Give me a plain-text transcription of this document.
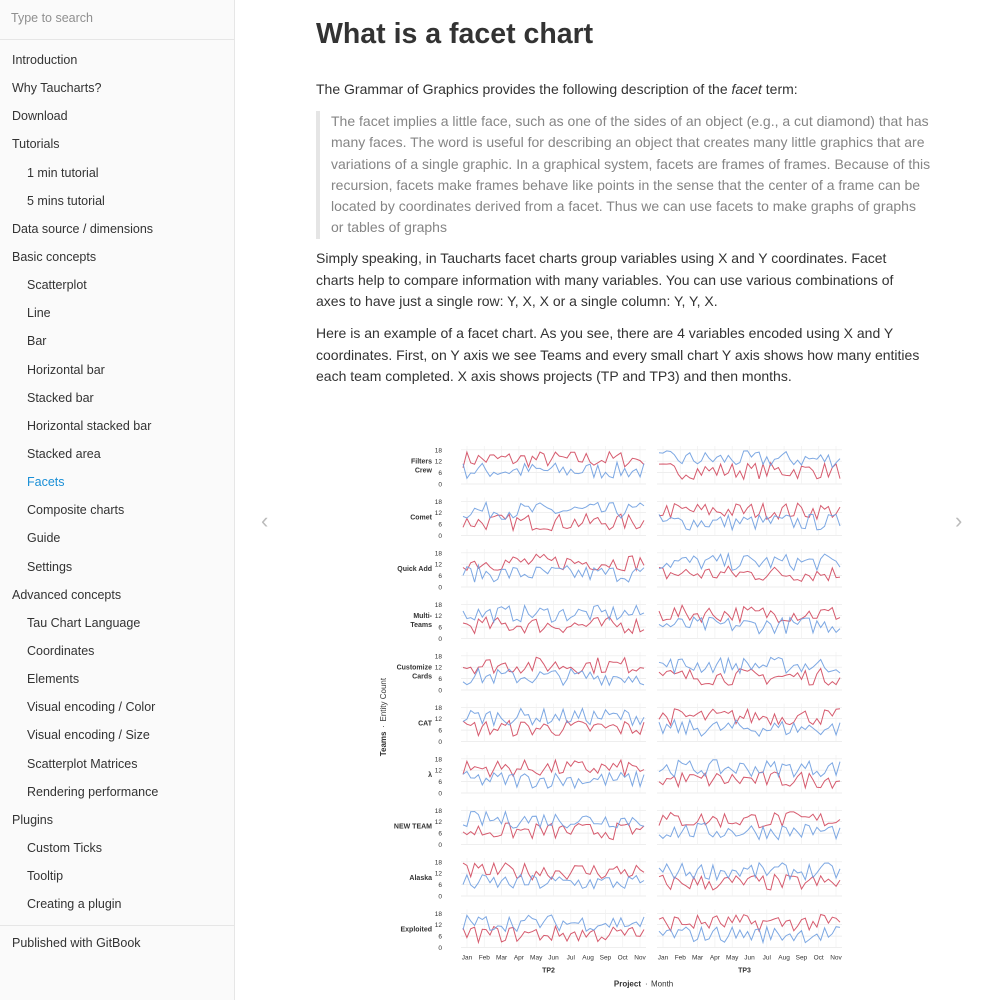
Type to search
Introduction
Why Taucharts?
Download
Tutorials
1 min tutorial
5 mins tutorial
Data source / dimensions
Basic concepts
Scatterplot
Line
Bar
Horizontal bar
Stacked bar
Horizontal stacked bar
Stacked area
Facets
Composite charts
Guide
Settings
Advanced concepts
Tau Chart Language
Coordinates
Elements
Visual encoding / Color
Visual encoding / Size
Scatterplot Matrices
Rendering performance
Plugins
Custom Ticks
Tooltip
Creating a plugin
Published with GitBook
What is a facet chart

The Grammar of Graphics provides the following description of the facet term:

The facet implies a little face, such as one of the sides of an object (e.g., a cut diamond) that has many faces. The word is useful for describing an object that creates many little graphics that are variations of a single graphic. In a graphical system, facets are frames of frames. Because of this recursion, facets make frames behave like points in the sense that the center of a frame can be located by coordinates derived from a facet. Thus we can use facets to make graphs of graphs or tables of graphs

Simply speaking, in Taucharts facet charts group variables using X and Y coordinates. Facet charts help to compare information with many variables. You can use various combinations of axes to have just a single row: Y, X, X or a single column: Y, Y, X.

Here is an example of a facet chart. As you see, there are 4 variables encoded using X and Y coordinates. First, on Y axis we see Teams and every small chart Y axis shows how many entities each team completed. X axis shows projects (TP and TP3) and then months.

‹	›
Filters
Crew
0
6
12
18
Comet
0
6
12
18
Quick Add
0
6
12
18
Multi-
Teams
0
6
12
18
Customize
Cards
0
6
12
18
CAT
0
6
12
18
λ
0
6
12
18
NEW TEAM
0
6
12
18
Alaska
0
6
12
18
Exploited
0
6
12
18
Jan Feb Mar Apr May Jun Jul Aug Sep Oct Nov
TP2
Jan Feb Mar Apr May Jun Jul Aug Sep Oct Nov
TP3
Project · Month
Teams
·
Entity Count
